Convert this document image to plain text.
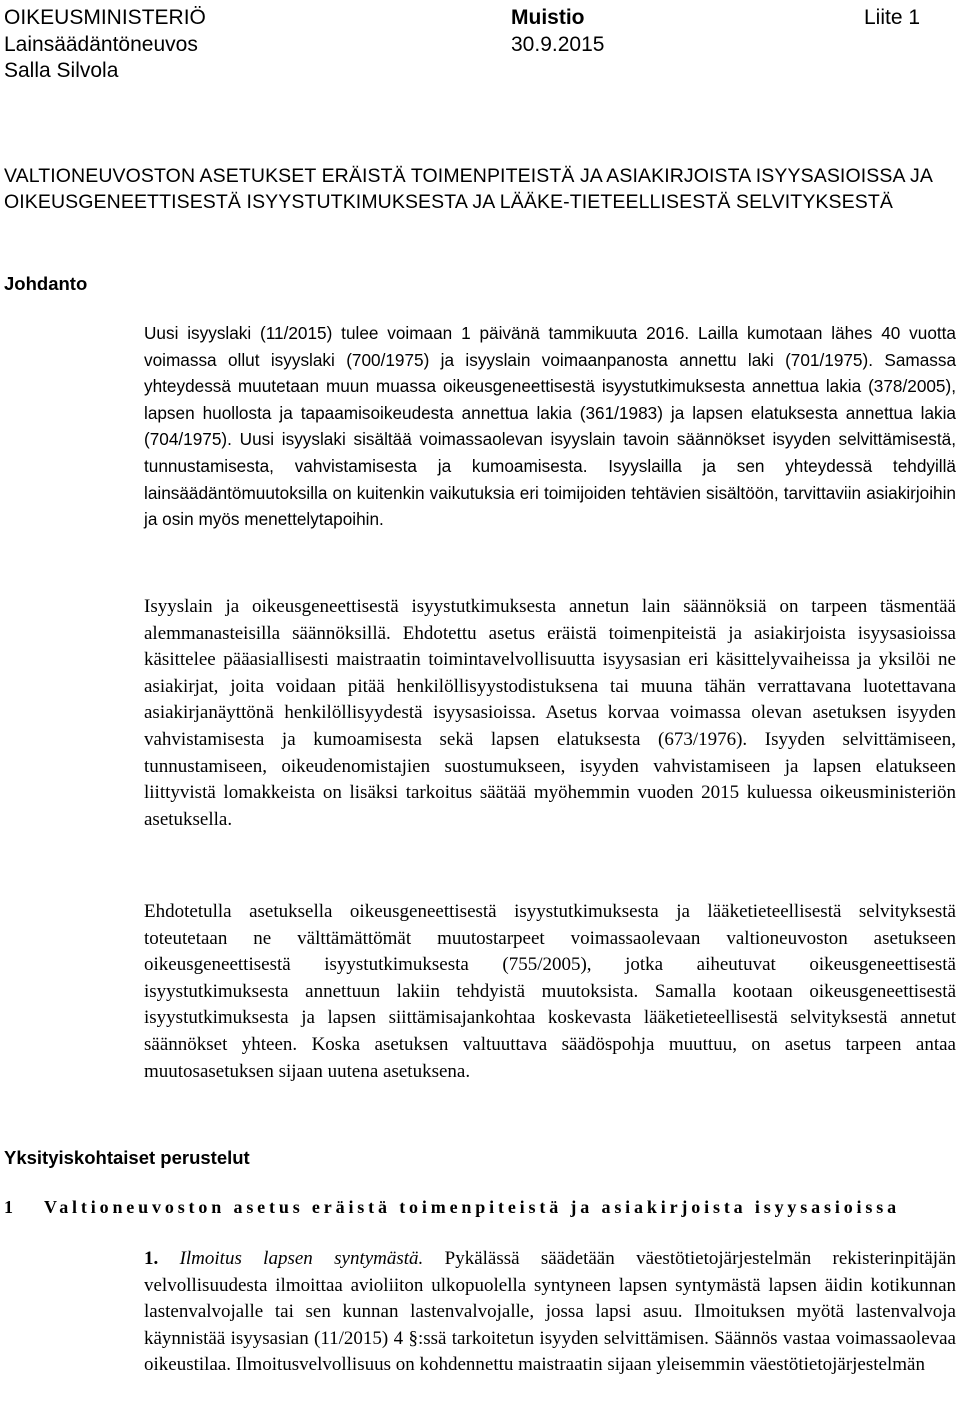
OIKEUSMINISTERIÖ	Muistio	Liite 1
Lainsäädäntöneuvos	30.9.2015
Salla Silvola
VALTIONEUVOSTON ASETUKSET ERÄISTÄ TOIMENPITEISTÄ JA ASIAKIRJOISTA ISYYSASIOISSA JA OIKEUSGENEETTISESTÄ ISYYSTUTKIMUKSESTA JA LÄÄKE-TIETEELLISESTÄ SELVITYKSESTÄ
Johdanto
Uusi isyyslaki (11/2015) tulee voimaan 1 päivänä tammikuuta 2016. Lailla kumotaan lähes 40 vuotta voimassa ollut isyyslaki (700/1975) ja isyyslain voimaanpanosta annettu laki (701/1975). Samassa yhteydessä muutetaan muun muassa oikeusgeneettisestä isyystutkimuksesta annettua lakia (378/2005), lapsen huollosta ja tapaamisoikeudesta annettua lakia (361/1983) ja lapsen elatuksesta annettua lakia (704/1975). Uusi isyyslaki sisältää voimassaolevan isyyslain tavoin säännökset isyyden selvittämisestä, tunnustamisesta, vahvistamisesta ja kumoamisesta. Isyyslailla ja sen yhteydessä tehdyillä lainsäädäntömuutoksilla on kuitenkin vaikutuksia eri toimijoiden tehtävien sisältöön, tarvittaviin asiakirjoihin ja osin myös menettelytapoihin.
Isyyslain ja oikeusgeneettisestä isyystutkimuksesta annetun lain säännöksiä on tarpeen täsmentää alemmanasteisilla säännöksillä. Ehdotettu asetus eräistä toimenpiteistä ja asiakirjoista isyysasioissa käsittelee pääasiallisesti maistraatin toimintavelvollisuutta isyysasian eri käsittelyvaiheissa ja yksilöi ne asiakirjat, joita voidaan pitää henkilöllisyystodistuksena tai muuna tähän verrattavana luotettavana asiakirjanäyttönä henkilöllisyydestä isyysasioissa. Asetus korvaa voimassa olevan asetuksen isyyden vahvistamisesta ja kumoamisesta sekä lapsen elatuksesta (673/1976). Isyyden selvittämiseen, tunnustamiseen, oikeudenomistajien suostumukseen, isyyden vahvistamiseen ja lapsen elatukseen liittyvistä lomakkeista on lisäksi tarkoitus säätää myöhemmin vuoden 2015 kuluessa oikeusministeriön asetuksella.
Ehdotetulla asetuksella oikeusgeneettisestä isyystutkimuksesta ja lääketieteellisestä selvityksestä toteutetaan ne välttämättömät muutostarpeet voimassaolevaan valtioneuvoston asetukseen oikeusgeneettisestä isyystutkimuksesta (755/2005), jotka aiheutuvat oikeusgeneettisestä isyystutkimuksesta annettuun lakiin tehdyistä muutoksista. Samalla kootaan oikeusgeneettisestä isyystutkimuksesta ja lapsen siittämisajankohtaa koskevasta lääketieteellisestä selvityksestä annetut säännökset yhteen. Koska asetuksen valtuuttava säädöspohja muuttuu, on asetus tarpeen antaa muutosasetuksen sijaan uutena asetuksena.
Yksityiskohtaiset perustelut
1 Valtioneuvoston asetus eräistä toimenpiteistä ja asiakirjoista isyysasioissa
1. Ilmoitus lapsen syntymästä. Pykälässä säädetään väestötietojärjestelmän rekisterinpitäjän velvollisuudesta ilmoittaa avioliiton ulkopuolella syntyneen lapsen syntymästä lapsen äidin kotikunnan lastenvalvojalle tai sen kunnan lastenvalvojalle, jossa lapsi asuu. Ilmoituksen myötä lastenvalvoja käynnistää isyysasian (11/2015) 4 §:ssä tarkoitetun isyyden selvittämisen. Säännös vastaa voimassaolevaa oikeustilaa. Ilmoitusvelvollisuus on kohdennettu maistraatin sijaan yleisemmin väestötietojärjestelmän
